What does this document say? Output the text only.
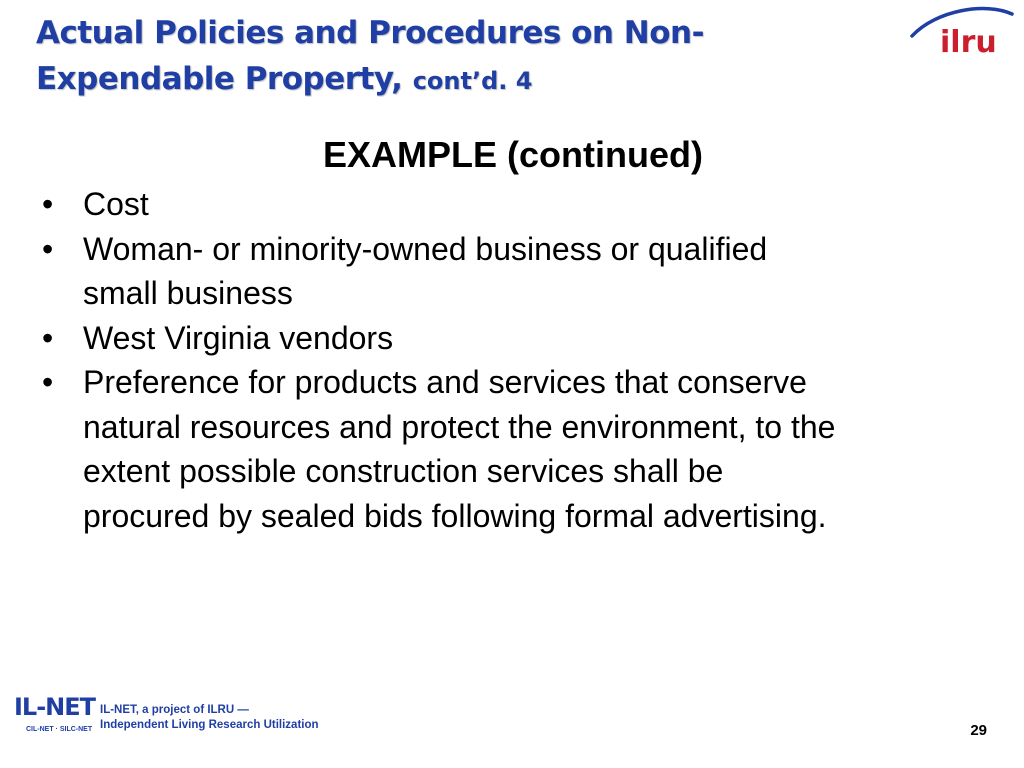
Actual Policies and Procedures on Non-
Expendable Property, cont’d. 4
ilru
EXAMPLE (continued)
• Cost
• Woman- or minority-owned business or qualified
small business
• West Virginia vendors
• Preference for products and services that conserve
natural resources and protect the environment, to the
extent possible construction services shall be
procured by sealed bids following formal advertising.
IL-NET
CIL-NET · SILC-NET
IL-NET, a project of ILRU —
Independent Living Research Utilization	29
